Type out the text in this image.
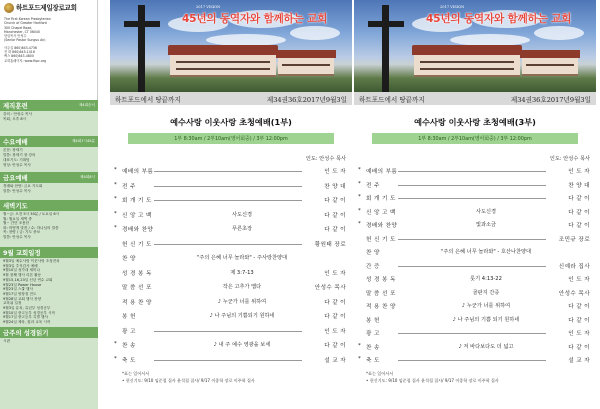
하트포드제일장로교회
The First Korean Presbyterian
Church of Greater Hartford
300 Chapel Road,
Manchester, CT 06040
담임목사 안성수
(Senior Pastor Sungsu An)
사무실 860)643-4736
전 화 860)645-1416
팩스 860)643-4800
교회홈페이지: www.fkpc.org
제직훈련	제4회순서
강의 : 안성수 목사
목회, 오후 8시
수요예배	제4회7시45분
본문: 창세기
말씀: 창세기 창 강의
대표기도: 기획팀
영상: 안성수 목사
금요예배	제4회8시
경배와 찬양: 금요 기도회
말씀: 안성수 목사
새벽기도
월~금: 오전 5시 30분 / 토요일 6시
월: 월요일 새벽 중
월~ 간단 조용한
화: 어떻게 말씀 / 수: 하나님의 말씀
목: 찬양 / 금: 기도 중보
말씀: 안성수 목사
9월 교회일정
9월3일 예수사랑 이웃사랑 초청전치
9월3일 추석감사 예배
9월10일 성가대 세미나
9월 첫째 행사 리본 활동
9월15,16,23일 신년 연수 교회
9월23일 Power House
9월23일 스쿨 행사
9월17일 양장점 전도
9월28일 교회 행사 찬양
교육위 일정
9월3일 유치, 유년부 성경공부
9월10일 중고등부 성경공부 시작
9월17일 중고등부 특별 행사
9월24일 체육, 컵과 교육 시작
금주의 성경읽기
시편
2017 VISION
45년의 동역자와 함께하는 교회
하트포드에서 땅끝까지	제34권36호2017년9월3일
예수사랑 이웃사랑 초청예배(1부)
1부 8:30am / 2부10am(영어회중) / 3부 12:00pm
인도: 안성수 목사
* 예배의 부름	인 도 자
* 전 주	찬 양 대
* 회 개 기 도	다 같 이
* 신 앙 고 백	사도신경	다 같 이
* 경배와 찬양	푸른초장	다 같 이
헌 신 기 도	황원태 장로
찬 양	"주의 은혜 너무 놀라와" - 주사랑찬양대
성 경 봉 독	제 3:7-13	인 도 자
말 씀 선 포	작은 고추가 맵다	안성수 목사
적 용 찬 양	♪ 누군가 너를 위하여	다 같 이
봉 헌	♪ 나 주님의 기쁨되기 원하네	다 같 이
광 고	인 도 자
* 찬 송	♪ 내 주 예수 영광을 보세	다 같 이
* 축 도	설 교 자
*표는 일어서서
• 헌신기도: 9/10 임준철 집사 윤석철 집사/ 9/17 이종학 장로 이주학 집사
2017 VISION
45년의 동역자와 함께하는 교회
하트포드에서 땅끝까지	제34권36호2017년9월3일
예수사랑 이웃사랑 초청예배(3부)
1부 8:30am / 2부10am(영어회중) / 3부 12:00pm
인도: 안성수 목사
* 예배의 부름	인 도 자
* 전 주	찬 양 대
* 회 개 기 도	다 같 이
* 신 앙 고 백	사도신경	다 같 이
* 경배와 찬양	빛과소금	다 같 이
헌 신 기 도	조민규 장로
찬 양	"주의 은혜 너무 놀라와" - 호산나찬양대
간 증	신예라 집사
성 경 봉 독	룻기 4:13-22	인 도 자
말 씀 선 포	골판지 간증	안성수 목사
적 용 찬 양	♪ 누군가 너를 위하여	다 같 이
봉 헌	♪ 나 주님의 기쁨 되기 원하네	다 같 이
광 고	인 도 자
* 찬 송	♪ 저 바다보다도 더 넓고	다 같 이
* 축 도	설 교 자
*표는 일어서서
• 헌신기도: 9/10 임준철 집사 윤석철 집사/ 9/17 이종학 장로 이주학 집사
